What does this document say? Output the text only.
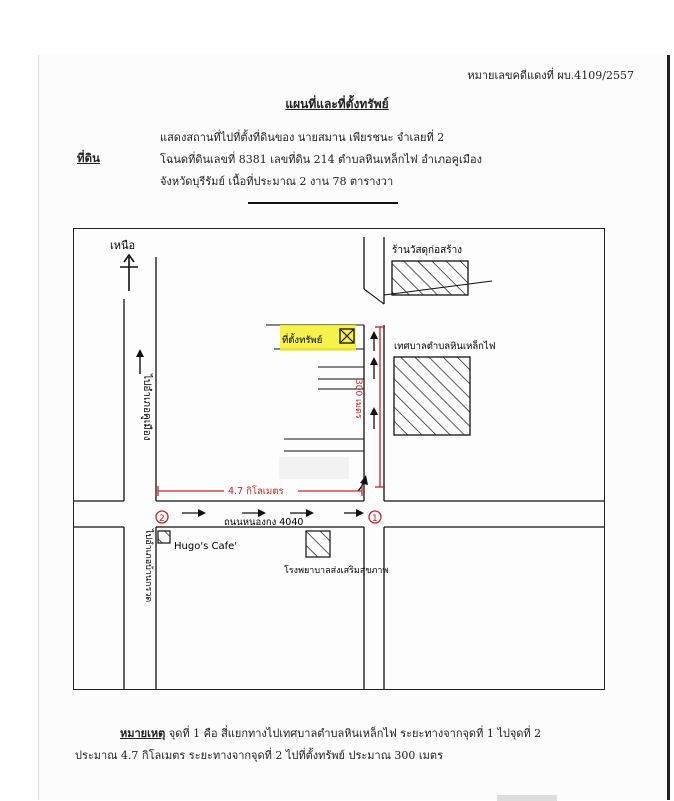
หมายเลขคดีแดงที่ ผบ.4109/2557
แผนที่และที่ตั้งทรัพย์
แสดงสถานที่ไปที่ตั้งที่ดินของ นายสมาน เพียรชนะ จำเลยที่ 2
ที่ดิน	โฉนดที่ดินเลขที่ 8381 เลขที่ดิน 214 ตำบลหินเหล็กไฟ อำเภอคูเมือง
จังหวัดบุรีรัมย์ เนื้อที่ประมาณ 2 งาน 78 ตารางวา
เหนือ
ไปอำเภอคูเมือง
ถนนหนองกง 4040
ร้านวัสดุก่อสร้าง
ที่ตั้งทรัพย์
เทศบาลตำบลหินเหล็กไฟ
300 เมตร
4.7 กิโลเมตร
1
2
Hugo's Cafe'
ไปอำเภอบ้านกรวด	โรงพยาบาลส่งเสริมสุขภาพ
หมายเหตุ จุดที่ 1 คือ สี่แยกทางไปเทศบาลตำบลหินเหล็กไฟ ระยะทางจากจุดที่ 1 ไปจุดที่ 2
ประมาณ 4.7 กิโลเมตร ระยะทางจากจุดที่ 2 ไปที่ตั้งทรัพย์ ประมาณ 300 เมตร
